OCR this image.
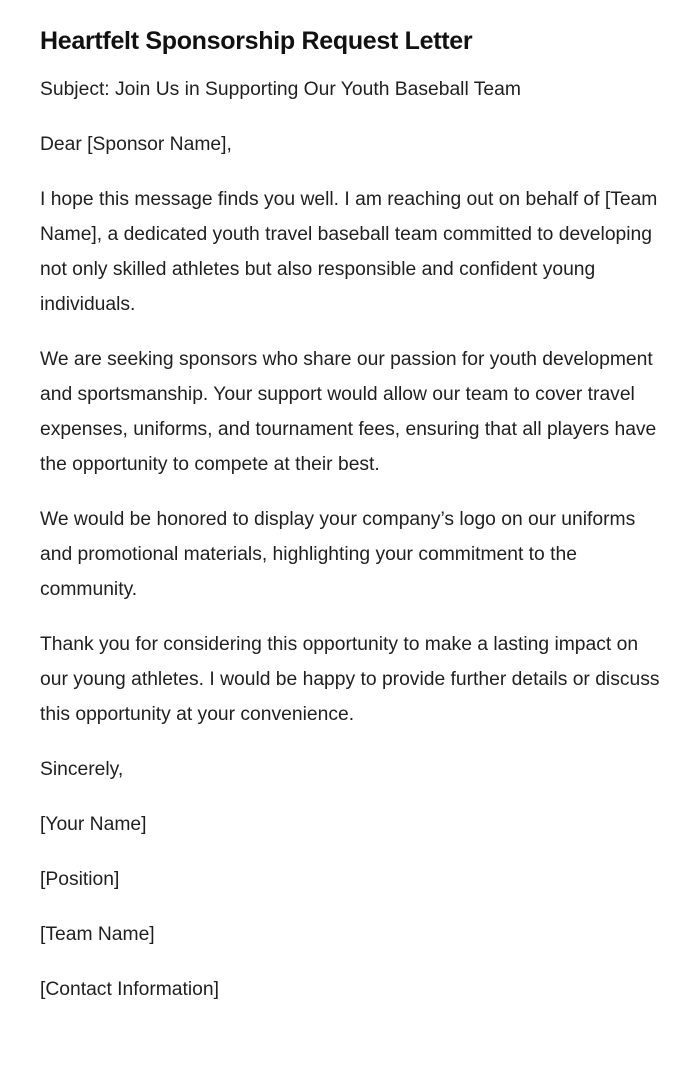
Heartfelt Sponsorship Request Letter

Subject: Join Us in Supporting Our Youth Baseball Team

Dear [Sponsor Name],

I hope this message finds you well. I am reaching out on behalf of [Team Name], a dedicated youth travel baseball team committed to developing not only skilled athletes but also responsible and confident young individuals.

We are seeking sponsors who share our passion for youth development and sportsmanship. Your support would allow our team to cover travel expenses, uniforms, and tournament fees, ensuring that all players have the opportunity to compete at their best.

We would be honored to display your company’s logo on our uniforms and promotional materials, highlighting your commitment to the community.

Thank you for considering this opportunity to make a lasting impact on our young athletes. I would be happy to provide further details or discuss this opportunity at your convenience.

Sincerely,

[Your Name]

[Position]

[Team Name]

[Contact Information]
